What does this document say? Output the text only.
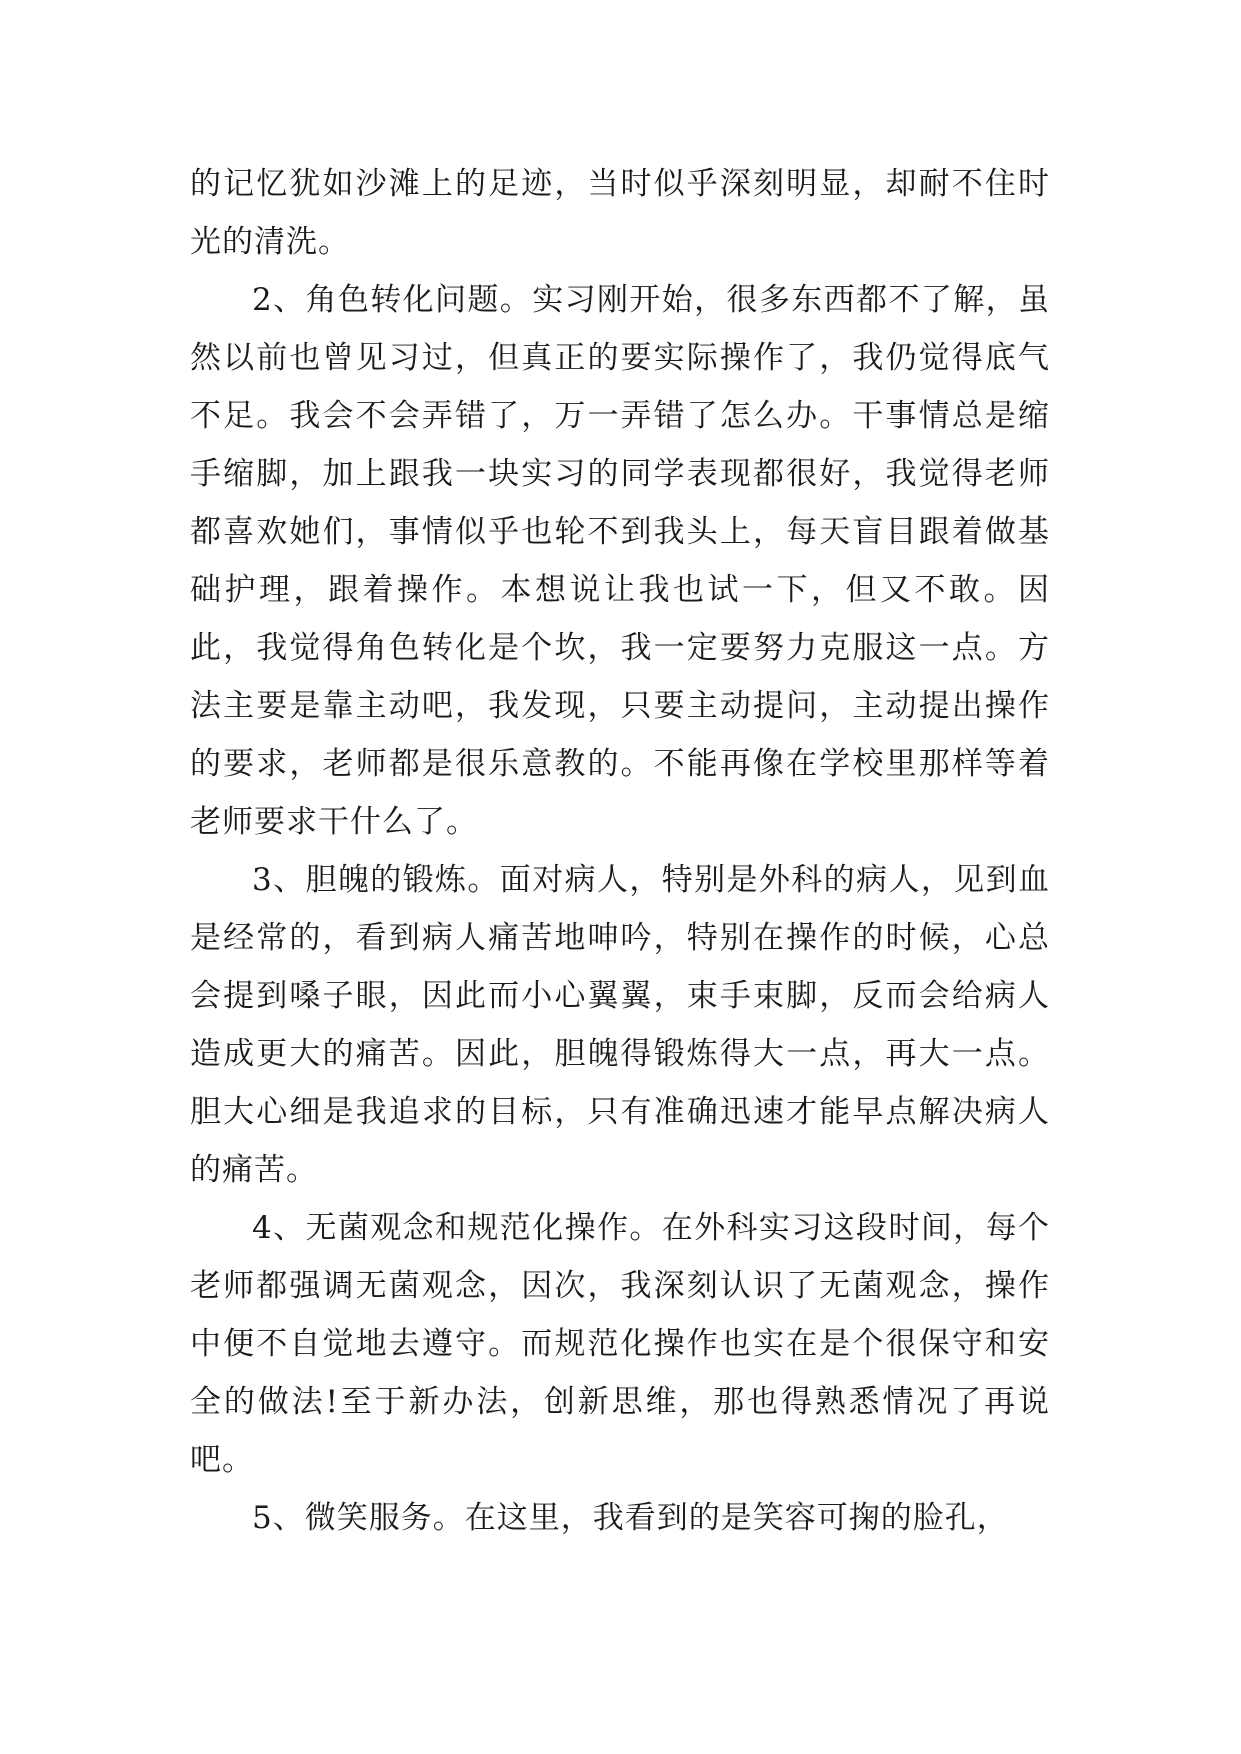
的记忆犹如沙滩上的足迹，当时似乎深刻明显，却耐不住时光的清洗。

2、角色转化问题。实习刚开始，很多东西都不了解，虽然以前也曾见习过，但真正的要实际操作了，我仍觉得底气不足。我会不会弄错了，万一弄错了怎么办。干事情总是缩手缩脚，加上跟我一块实习的同学表现都很好，我觉得老师都喜欢她们，事情似乎也轮不到我头上，每天盲目跟着做基础护理，跟着操作。本想说让我也试一下，但又不敢。因此，我觉得角色转化是个坎，我一定要努力克服这一点。方法主要是靠主动吧，我发现，只要主动提问，主动提出操作的要求，老师都是很乐意教的。不能再像在学校里那样等着老师要求干什么了。

3、胆魄的锻炼。面对病人，特别是外科的病人，见到血是经常的，看到病人痛苦地呻吟，特别在操作的时候，心总会提到嗓子眼，因此而小心翼翼，束手束脚，反而会给病人造成更大的痛苦。因此，胆魄得锻炼得大一点，再大一点。胆大心细是我追求的目标，只有准确迅速才能早点解决病人的痛苦。

4、无菌观念和规范化操作。在外科实习这段时间，每个老师都强调无菌观念，因次，我深刻认识了无菌观念，操作中便不自觉地去遵守。而规范化操作也实在是个很保守和安全的做法!至于新办法，创新思维，那也得熟悉情况了再说吧。

5、微笑服务。在这里，我看到的是笑容可掬的脸孔，
